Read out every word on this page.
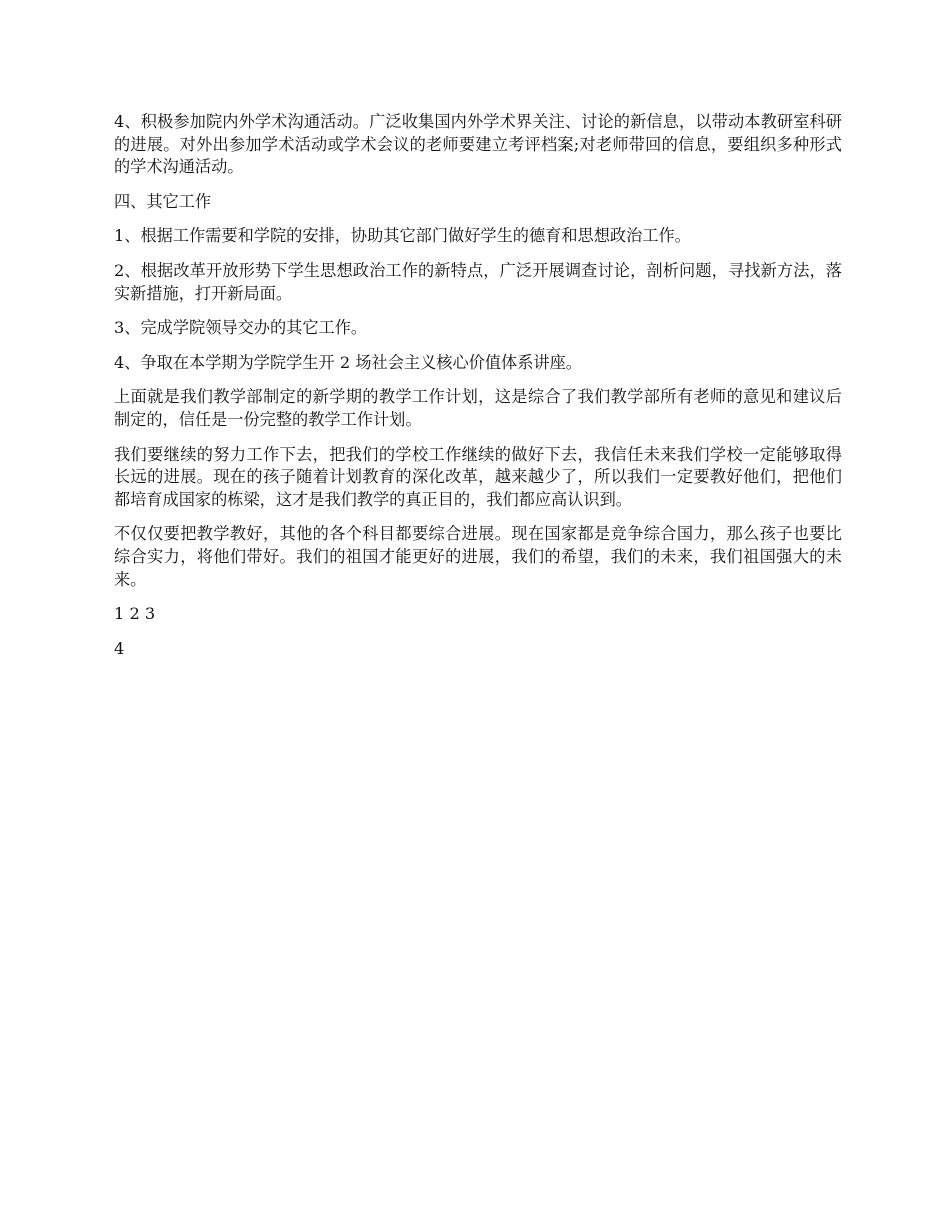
4、积极参加院内外学术沟通活动。广泛收集国内外学术界关注、讨论的新信息，以带动本教研室科研的进展。对外出参加学术活动或学术会议的老师要建立考评档案;对老师带回的信息，要组织多种形式的学术沟通活动。

四、其它工作

1、根据工作需要和学院的安排，协助其它部门做好学生的德育和思想政治工作。

2、根据改革开放形势下学生思想政治工作的新特点，广泛开展调查讨论，剖析问题，寻找新方法，落实新措施，打开新局面。

3、完成学院领导交办的其它工作。

4、争取在本学期为学院学生开 2 场社会主义核心价值体系讲座。

上面就是我们教学部制定的新学期的教学工作计划，这是综合了我们教学部所有老师的意见和建议后制定的，信任是一份完整的教学工作计划。

我们要继续的努力工作下去，把我们的学校工作继续的做好下去，我信任未来我们学校一定能够取得长远的进展。现在的孩子随着计划教育的深化改革，越来越少了，所以我们一定要教好他们，把他们都培育成国家的栋梁，这才是我们教学的真正目的，我们都应高认识到。

不仅仅要把教学教好，其他的各个科目都要综合进展。现在国家都是竞争综合国力，那么孩子也要比综合实力，将他们带好。我们的祖国才能更好的进展，我们的希望，我们的未来，我们祖国强大的未来。

1 2 3

4
